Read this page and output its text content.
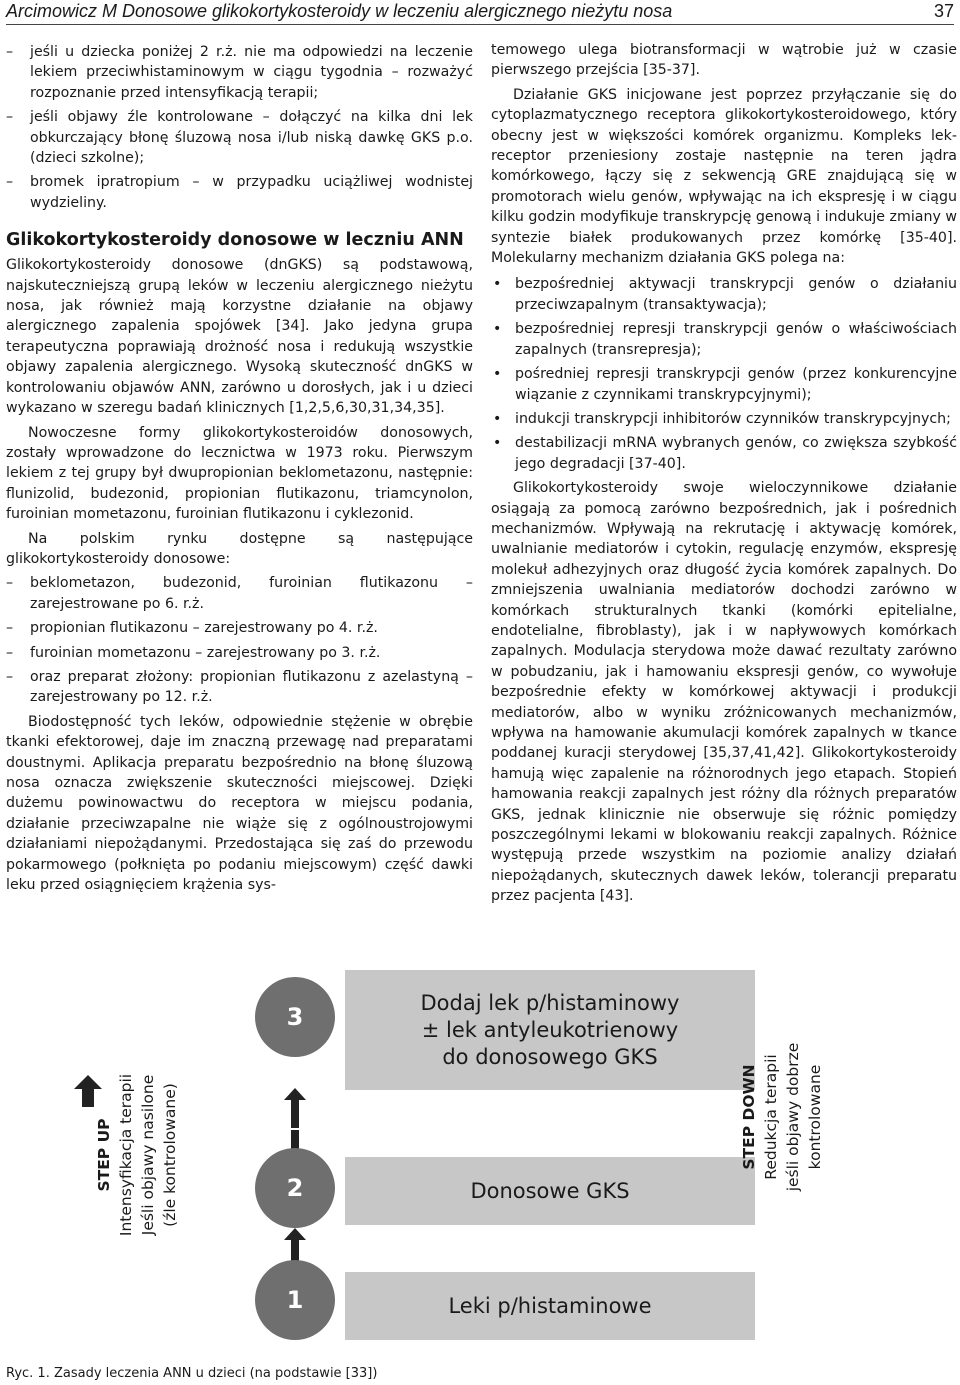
Arcimowicz M Donosowe glikokortykosteroidy w leczeniu alergicznego nieżytu nosa	37
– jeśli u dziecka poniżej 2 r.ż. nie ma odpowiedzi na leczenie lekiem przeciwhistaminowym w ciągu tygodnia – rozważyć rozpoznanie przed intensyfikacją terapii;
– jeśli objawy źle kontrolowane – dołączyć na kilka dni lek obkurczający błonę śluzową nosa i/lub niską dawkę GKS p.o. (dzieci szkolne);
– bromek ipratropium – w przypadku uciążliwej wodnistej wydzieliny.
Glikokortykosteroidy donosowe w leczniu ANN

Glikokortykosteroidy donosowe (dnGKS) są podstawową, najskuteczniejszą grupą leków w leczeniu alergicznego nieżytu nosa, jak również mają korzystne działanie na objawy alergicznego zapalenia spojówek [34]. Jako jedyna grupa terapeutyczna poprawiają drożność nosa i redukują wszystkie objawy zapalenia alergicznego. Wysoką skuteczność dnGKS w kontrolowaniu objawów ANN, zarówno u dorosłych, jak i u dzieci wykazano w szeregu badań klinicznych [1,2,5,6,30,31,34,35].

Nowoczesne formy glikokortykosteroidów donosowych, zostały wprowadzone do lecznictwa w 1973 roku. Pierwszym lekiem z tej grupy był dwupropionian beklometazonu, następnie: flunizolid, budezonid, propionian flutikazonu, triamcynolon, furoinian mometazonu, furoinian flutikazonu i cyklezonid.

Na polskim rynku dostępne są następujące glikokortykosteroidy donosowe:

– beklometazon, budezonid, furoinian flutikazonu – zarejestrowane po 6. r.ż.
– propionian flutikazonu – zarejestrowany po 4. r.ż.
– furoinian mometazonu – zarejestrowany po 3. r.ż.
– oraz preparat złożony: propionian flutikazonu z azelastyną – zarejestrowany po 12. r.ż.

Biodostępność tych leków, odpowiednie stężenie w obrębie tkanki efektorowej, daje im znaczną przewagę nad preparatami doustnymi. Aplikacja preparatu bezpośrednio na błonę śluzową nosa oznacza zwiększenie skuteczności miejscowej. Dzięki dużemu powinowactwu do receptora w miejscu podania, działanie przeciwzapalne nie wiąże się z ogólnoustrojowymi działaniami niepożądanymi. Przedostająca się zaś do przewodu pokarmowego (połknięta po podaniu miejscowym) część dawki leku przed osiągnięciem krążenia sys-

temowego ulega biotransformacji w wątrobie już w czasie pierwszego przejścia [35-37].

Działanie GKS inicjowane jest poprzez przyłączanie się do cytoplazmatycznego receptora glikokortykosteroidowego, który obecny jest w większości komórek organizmu. Kompleks lek-receptor przeniesiony zostaje następnie na teren jądra komórkowego, łączy się z sekwencją GRE znajdującą się w promotorach wielu genów, wpływając na ich ekspresję i w ciągu kilku godzin modyfikuje transkrypcję genową i indukuje zmiany w syntezie białek produkowanych przez komórkę [35-40]. Molekularny mechanizm działania GKS polega na:

• bezpośredniej aktywacji transkrypcji genów o działaniu przeciwzapalnym (transaktywacja);
• bezpośredniej represji transkrypcji genów o właściwościach zapalnych (transrepresja);
• pośredniej represji transkrypcji genów (przez konkurencyjne wiązanie z czynnikami transkrypcyjnymi);
• indukcji transkrypcji inhibitorów czynników transkrypcyjnych;
• destabilizacji mRNA wybranych genów, co zwiększa szybkość jego degradacji [37-40].

Glikokortykosteroidy swoje wieloczynnikowe działanie osiągają za pomocą zarówno bezpośrednich, jak i pośrednich mechanizmów. Wpływają na rekrutację i aktywację komórek, uwalnianie mediatorów i cytokin, regulację enzymów, ekspresję molekuł adhezyjnych oraz długość życia komórek zapalnych. Do zmniejszenia uwalniania mediatorów dochodzi zarówno w komórkach strukturalnych tkanki (komórki epitelialne, endotelialne, fibroblasty), jak i w napływowych komórkach zapalnych. Modulacja sterydowa może dawać rezultaty zarówno w pobudzaniu, jak i hamowaniu ekspresji genów, co wywołuje bezpośrednie efekty w komórkowej aktywacji i produkcji mediatorów, albo w wyniku zróżnicowanych mechanizmów, wpływa na hamowanie akumulacji komórek zapalnych w tkance poddanej kuracji sterydowej [35,37,41,42]. Glikokortykosteroidy hamują więc zapalenie na różnorodnych jego etapach. Stopień hamowania reakcji zapalnych jest różny dla różnych preparatów GKS, jednak klinicznie nie obserwuje się różnic pomiędzy poszczególnymi lekami w blokowaniu reakcji zapalnych. Różnice występują przede wszystkim na poziomie analizy działań niepożądanych, skutecznych dawek leków, tolerancji preparatu przez pacjenta [43].

STEP UP Intensyfikacja terapii Jeśli objawy nasilone (źle kontrolowane)
3
Dodaj lek p/histaminowy
± lek antyleukotrienowy
do donosowego GKS
2	Donosowe GKS
1	Leki p/histaminowe
STEP DOWN Redukcja terapii jeśli objawy dobrze kontrolowane
Ryc. 1. Zasady leczenia ANN u dzieci (na podstawie [33])
